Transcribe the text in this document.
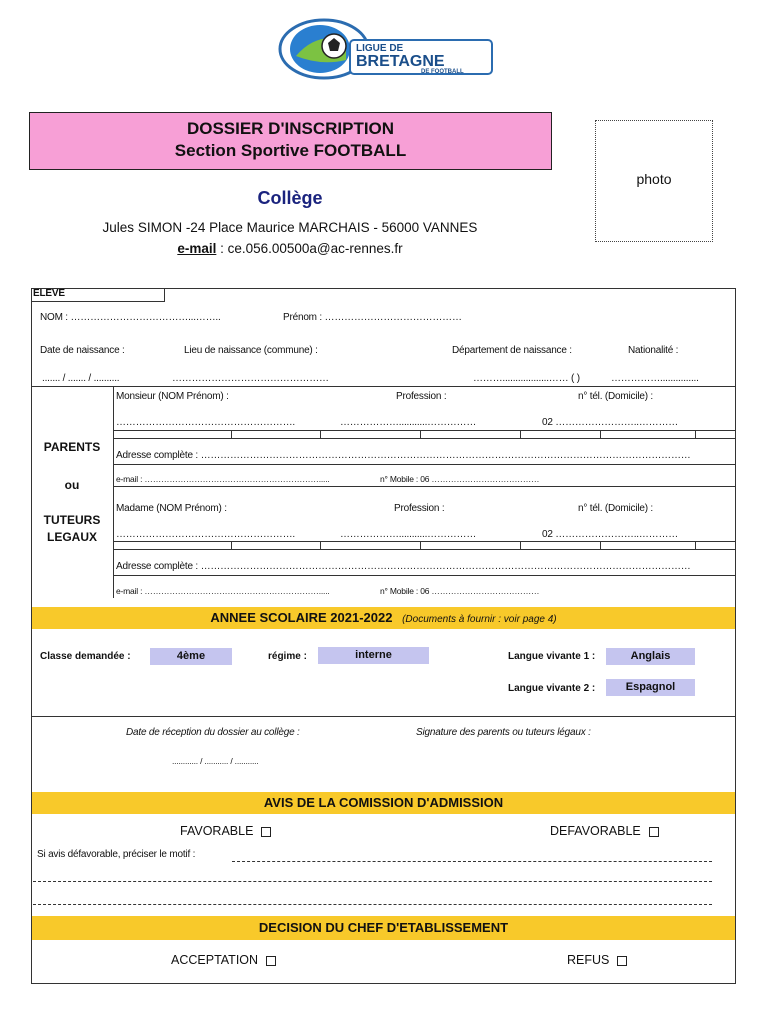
LIGUE DE
BRETAGNE
DE FOOTBALL
DOSSIER D'INSCRIPTION
Section Sportive FOOTBALL
photo
Collège
Jules SIMON -24 Place Maurice MARCHAIS - 56000 VANNES
e-mail : ce.056.00500a@ac-rennes.fr
ELEVE
NOM : ………………………………...……..	Prénom : ……………………………………
Date de naissance :	Lieu de naissance (commune) :	Département de naissance :	Nationalité :
....... / ....... / ..........	…………………………………………	………..................…… ( )	……………...............
PARENTS
ou
TUTEURS
LEGAUX
Monsieur (NOM Prénom) :	Profession :	n° tél. (Domicile) :
……………………………………………….	………………...........……………	02 ……………………..…………
Adresse complète : ……………………………………………………………………………………………………………………………………
e-mail : ……………………………………………………….....	n° Mobile : 06 …………………………………
Madame (NOM Prénom) :	Profession :	n° tél. (Domicile) :
……………………………………………….	………………...........……………	02 ……………………..…………
Adresse complète : ……………………………………………………………………………………………………………………………………
e-mail : ……………………………………………………….....	n° Mobile : 06 …………………………………
ANNEE SCOLAIRE 2021-2022 (Documents à fournir : voir page 4)
Classe demandée :	4ème	régime :	interne	Langue vivante 1 :	Anglais
Langue vivante 2 :	Espagnol
Date de réception du dossier au collège :	Signature des parents ou tuteurs légaux :
............ / ........... / ...........
AVIS DE LA COMISSION D'ADMISSION
FAVORABLE	DEFAVORABLE
Si avis défavorable, préciser le motif :
DECISION DU CHEF D'ETABLISSEMENT
ACCEPTATION	REFUS
